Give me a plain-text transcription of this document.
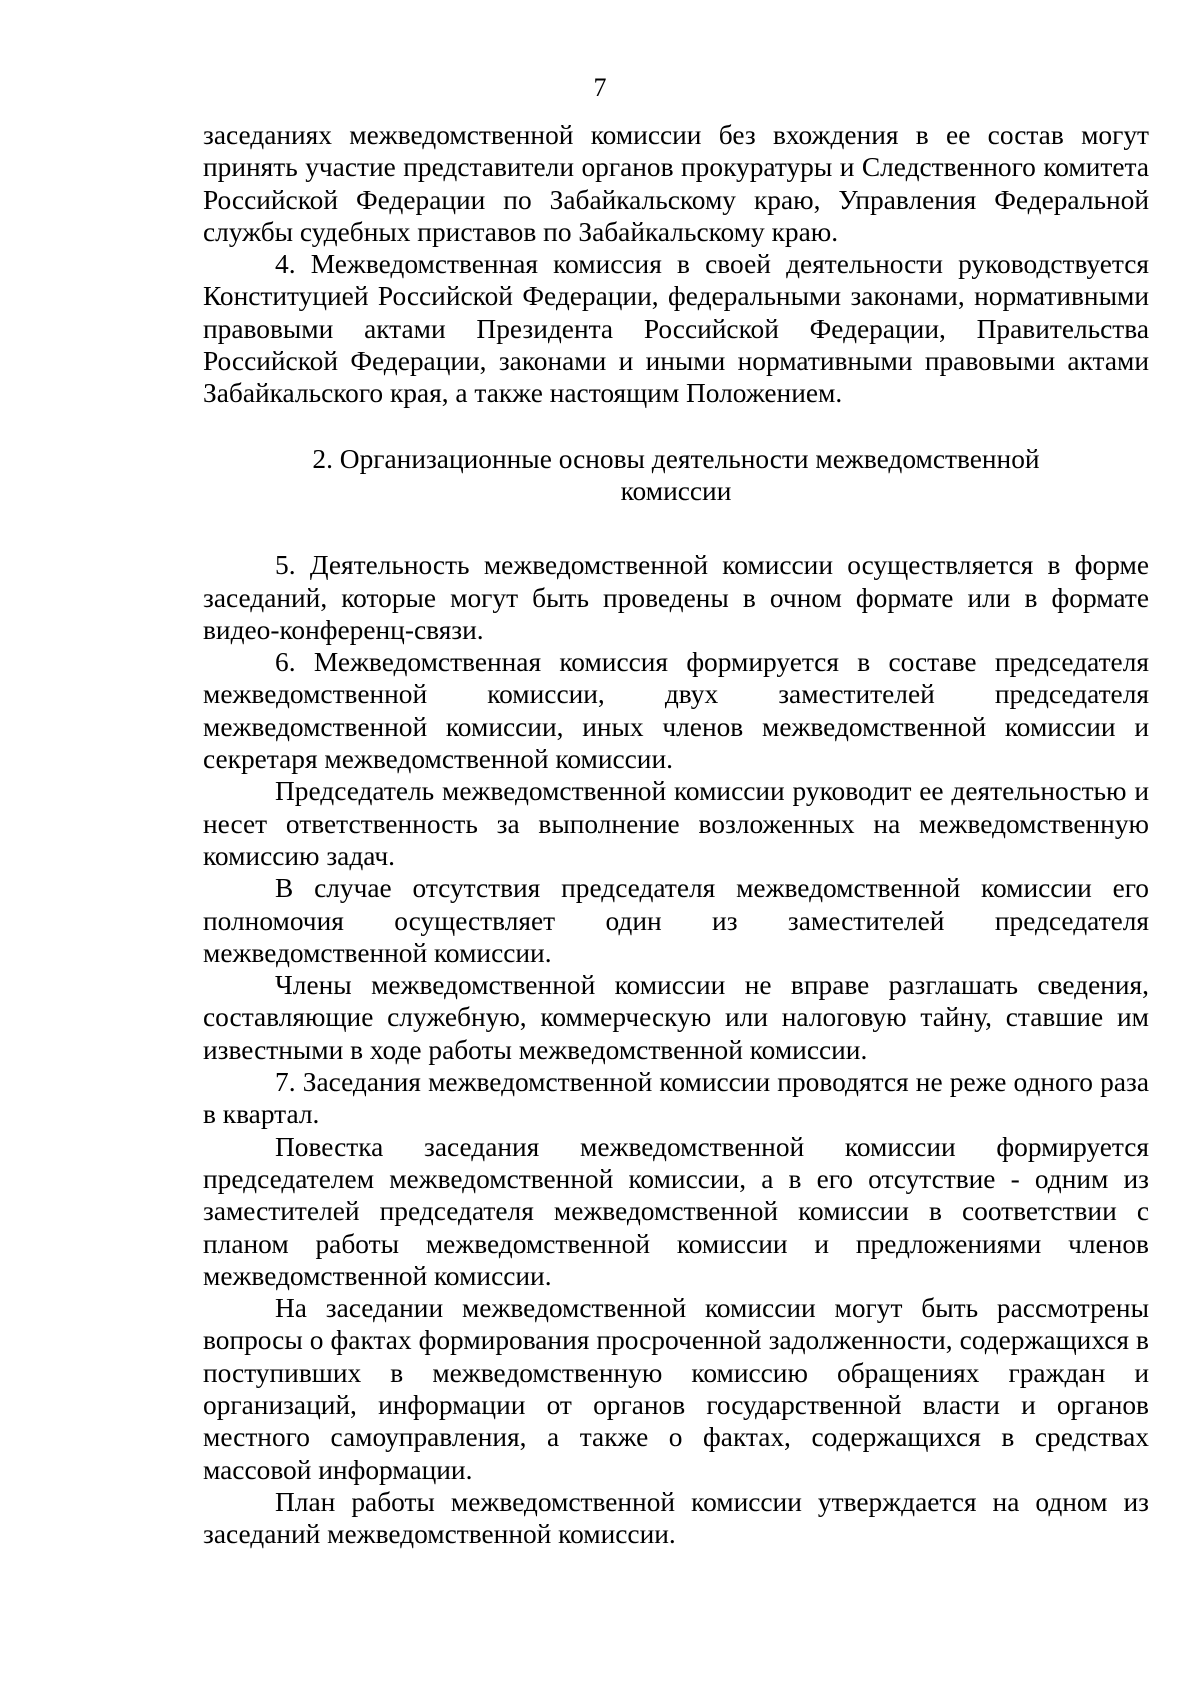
7

заседаниях межведомственной комиссии без вхождения в ее состав могут принять участие представители органов прокуратуры и Следственного комитета Российской Федерации по Забайкальскому краю, Управления Федеральной службы судебных приставов по Забайкальскому краю.

4. Межведомственная комиссия в своей деятельности руководствуется Конституцией Российской Федерации, федеральными законами, нормативными правовыми актами Президента Российской Федерации, Правительства Российской Федерации, законами и иными нормативными правовыми актами Забайкальского края, а также настоящим Положением.

2. Организационные основы деятельности межведомственной
комиссии

5. Деятельность межведомственной комиссии осуществляется в форме заседаний, которые могут быть проведены в очном формате или в формате видео-конференц-связи.

6. Межведомственная комиссия формируется в составе председателя межведомственной комиссии, двух заместителей председателя межведомственной комиссии, иных членов межведомственной комиссии и секретаря межведомственной комиссии.

Председатель межведомственной комиссии руководит ее деятельностью и несет ответственность за выполнение возложенных на межведомственную комиссию задач.

В случае отсутствия председателя межведомственной комиссии его полномочия осуществляет один из заместителей председателя межведомственной комиссии.

Члены межведомственной комиссии не вправе разглашать сведения, составляющие служебную, коммерческую или налоговую тайну, ставшие им известными в ходе работы межведомственной комиссии.

7. Заседания межведомственной комиссии проводятся не реже одного раза в квартал.

Повестка заседания межведомственной комиссии формируется председателем межведомственной комиссии, а в его отсутствие - одним из заместителей председателя межведомственной комиссии в соответствии с планом работы межведомственной комиссии и предложениями членов межведомственной комиссии.

На заседании межведомственной комиссии могут быть рассмотрены вопросы о фактах формирования просроченной задолженности, содержащихся в поступивших в межведомственную комиссию обращениях граждан и организаций, информации от органов государственной власти и органов местного самоуправления, а также о фактах, содержащихся в средствах массовой информации.

План работы межведомственной комиссии утверждается на одном из заседаний межведомственной комиссии.
